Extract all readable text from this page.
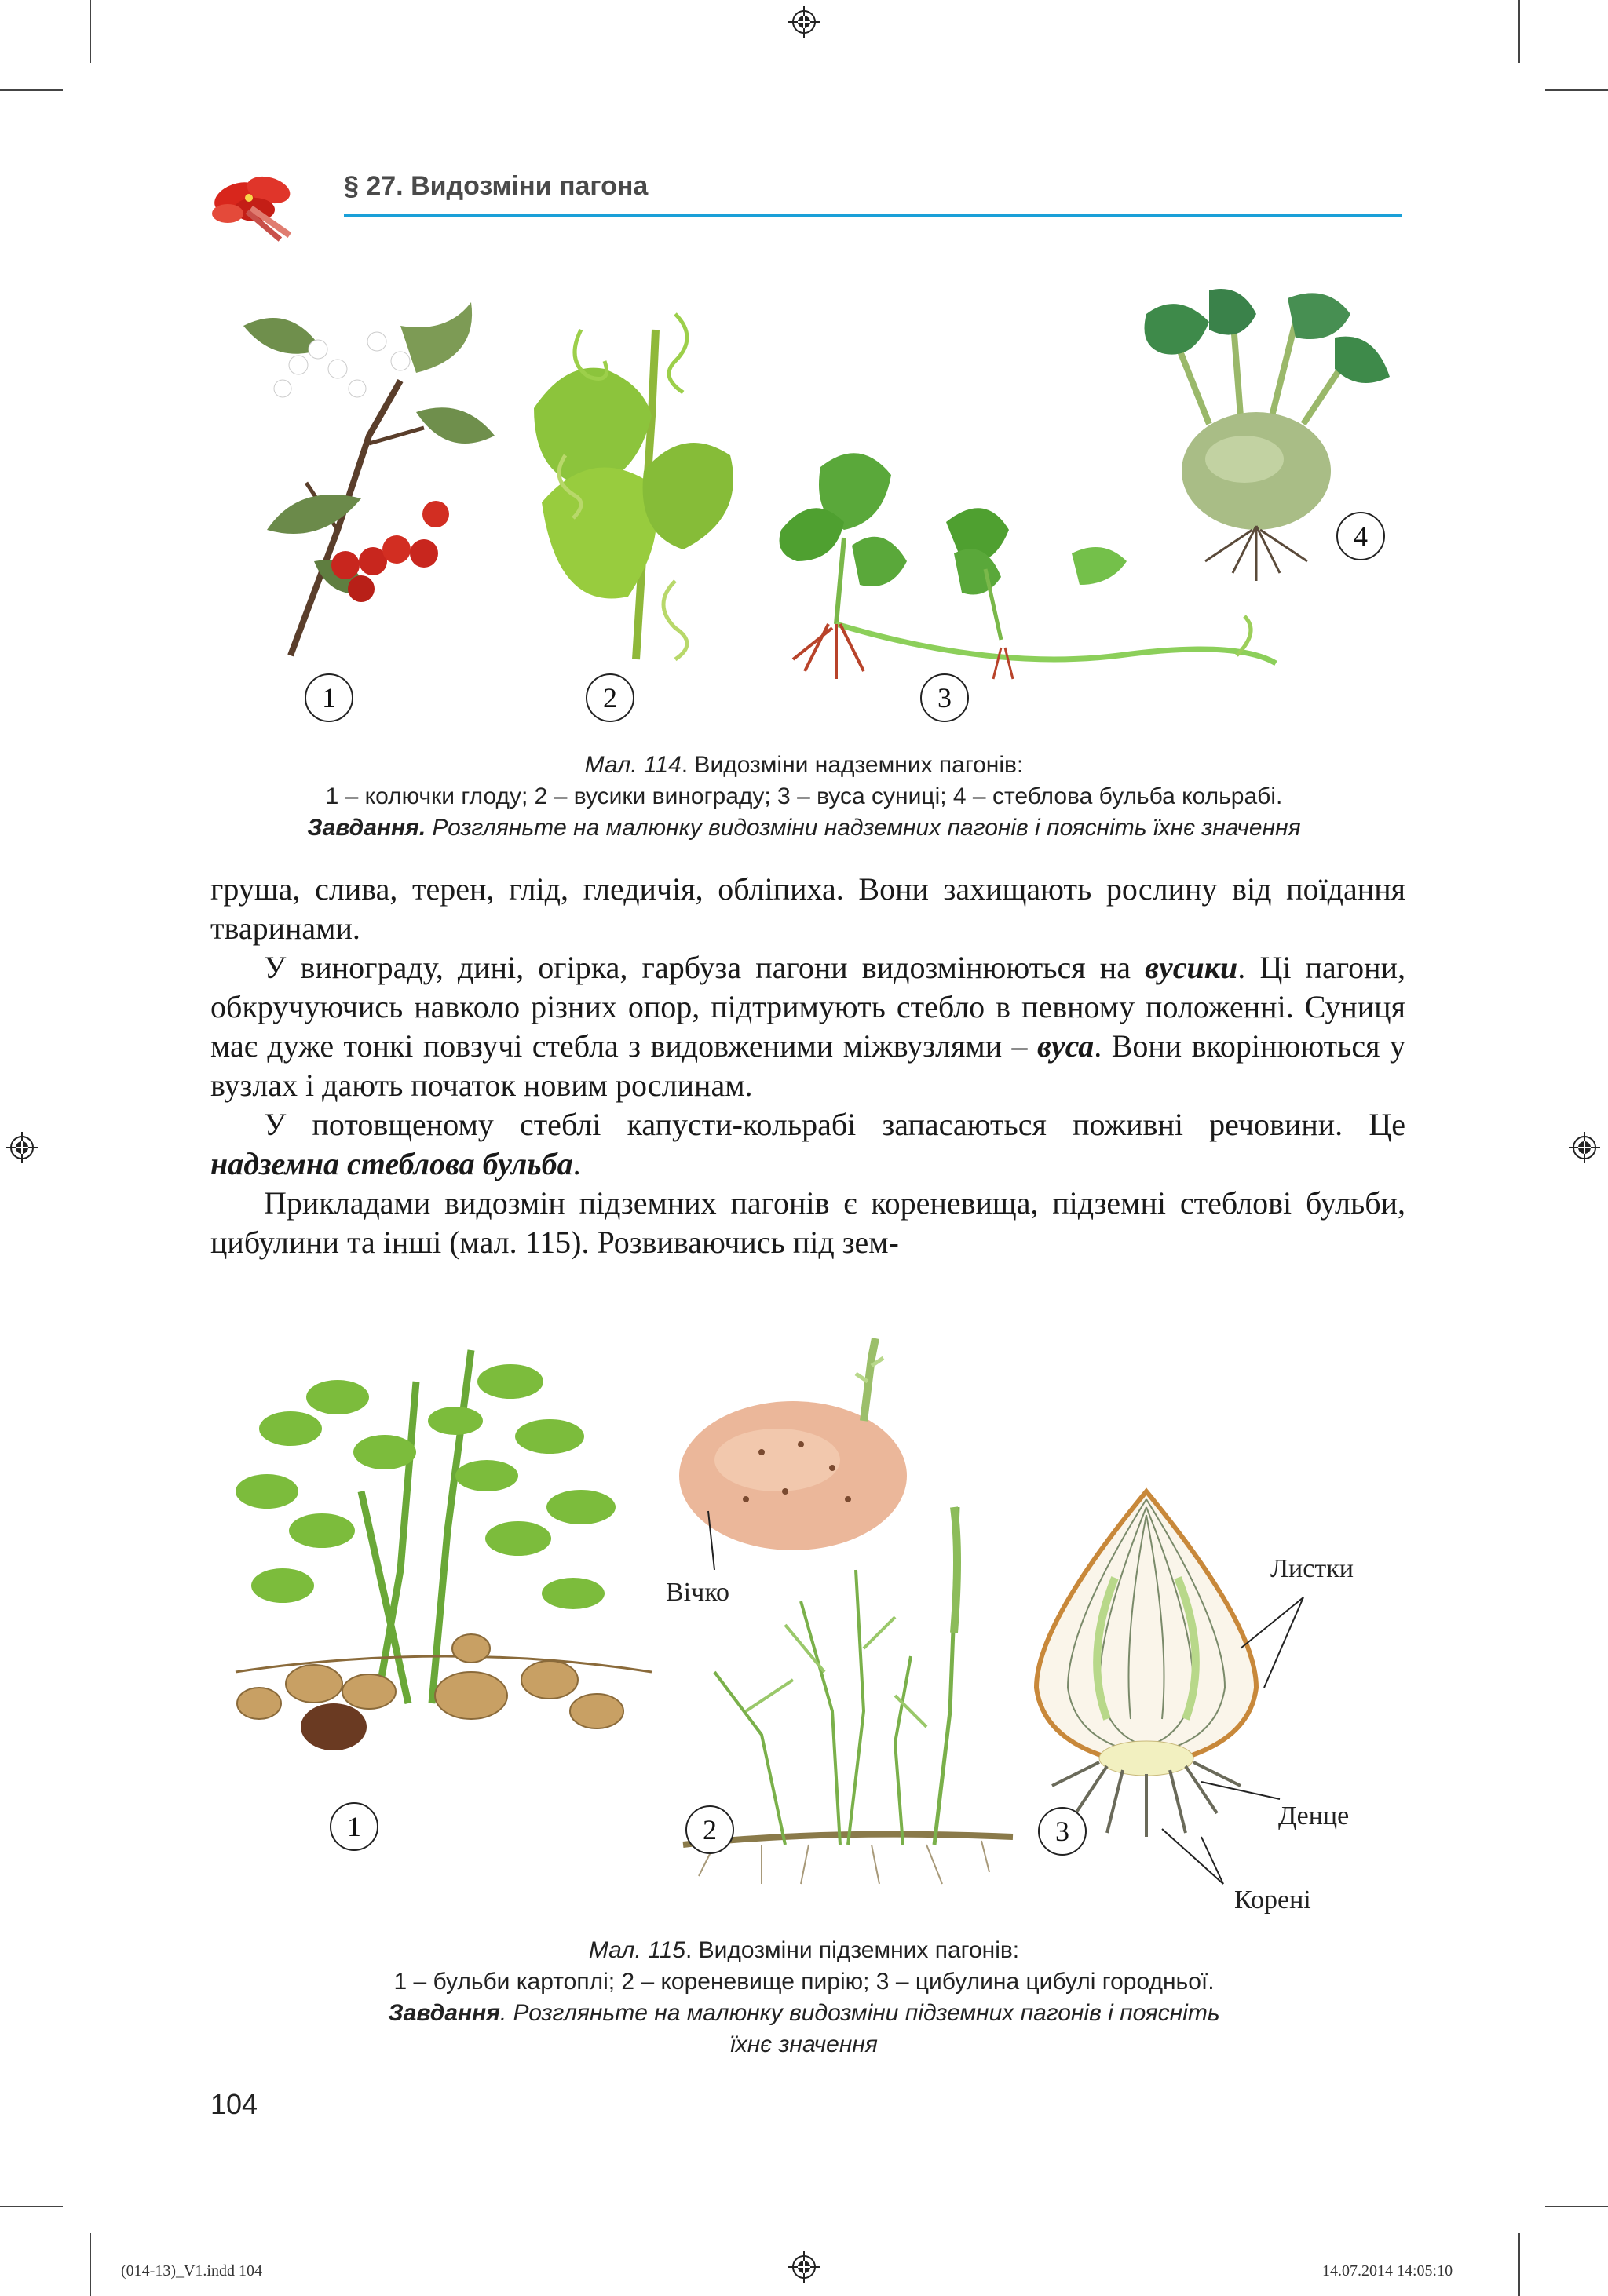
§ 27. Видозміни пагона
1	2	3
4
Мал. 114. Видозміни надземних пагонів:
1 – колючки глоду; 2 – вусики винограду; 3 – вуса суниці; 4 – стеблова бульба кольрабі.
Завдання. Розгляньте на малюнку видозміни надземних пагонів і поясніть їхнє значення

груша, слива, терен, глід, гледичія, обліпиха. Вони захищають рослину від поїдання тваринами.

У винограду, дині, огірка, гарбуза пагони видозмінюються на вусики. Ці пагони, обкручуючись навколо різних опор, підтримують стебло в певному положенні. Суниця має дуже тонкі повзучі стебла з видовженими міжвузлями – вуса. Вони вкорінюються у вузлах і дають початок новим рослинам.

У потовщеному стеблі капусти-кольрабі запасаються поживні речовини. Це надземна стеблова бульба.

Прикладами видозмін підземних пагонів є кореневища, підземні стеблові бульби, цибулини та інші (мал. 115). Розвиваючись під зем-

Вічко
Листки
Денце
Корені
1	2	3
Мал. 115. Видозміни підземних пагонів:
1 – бульби картоплі; 2 – кореневище пирію; 3 – цибулина цибулі городньої.
Завдання. Розгляньте на малюнку видозміни підземних пагонів і поясніть
їхнє значення
104
(014-13)_V1.indd 104	14.07.2014 14:05:10
